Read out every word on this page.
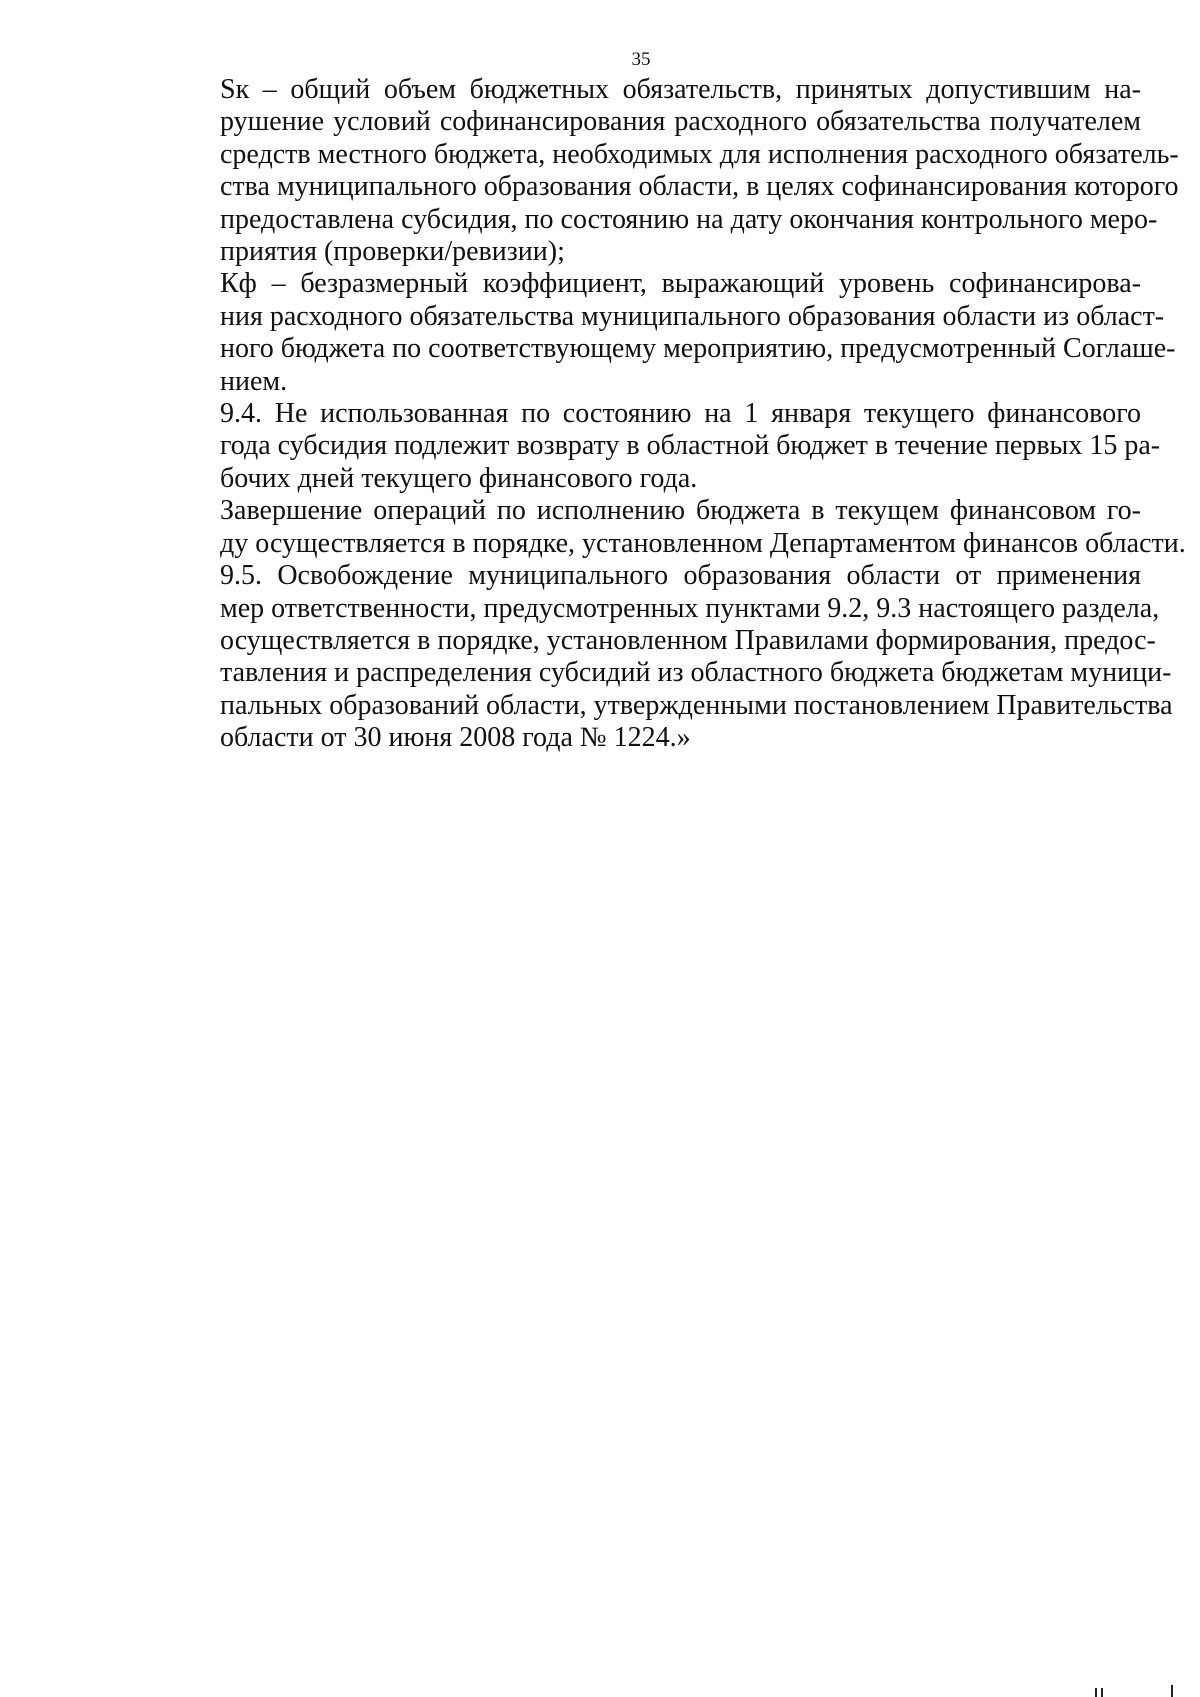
35

Sк – общий объем бюджетных обязательств, принятых допустившим на-
рушение условий софинансирования расходного обязательства получателем
средств местного бюджета, необходимых для исполнения расходного обязатель-
ства муниципального образования области, в целях софинансирования которого
предоставлена субсидия, по состоянию на дату окончания контрольного меро-
приятия (проверки/ревизии);

Кф – безразмерный коэффициент, выражающий уровень софинансирова-
ния расходного обязательства муниципального образования области из област-
ного бюджета по соответствующему мероприятию, предусмотренный Соглаше-
нием.

9.4. Не использованная по состоянию на 1 января текущего финансового
года субсидия подлежит возврату в областной бюджет в течение первых 15 ра-
бочих дней текущего финансового года.

Завершение операций по исполнению бюджета в текущем финансовом го-
ду осуществляется в порядке, установленном Департаментом финансов области.

9.5. Освобождение муниципального образования области от применения
мер ответственности, предусмотренных пунктами 9.2, 9.3 настоящего раздела,
осуществляется в порядке, установленном Правилами формирования, предос-
тавления и распределения субсидий из областного бюджета бюджетам муници-
пальных образований области, утвержденными постановлением Правительства
области от 30 июня 2008 года № 1224.»
